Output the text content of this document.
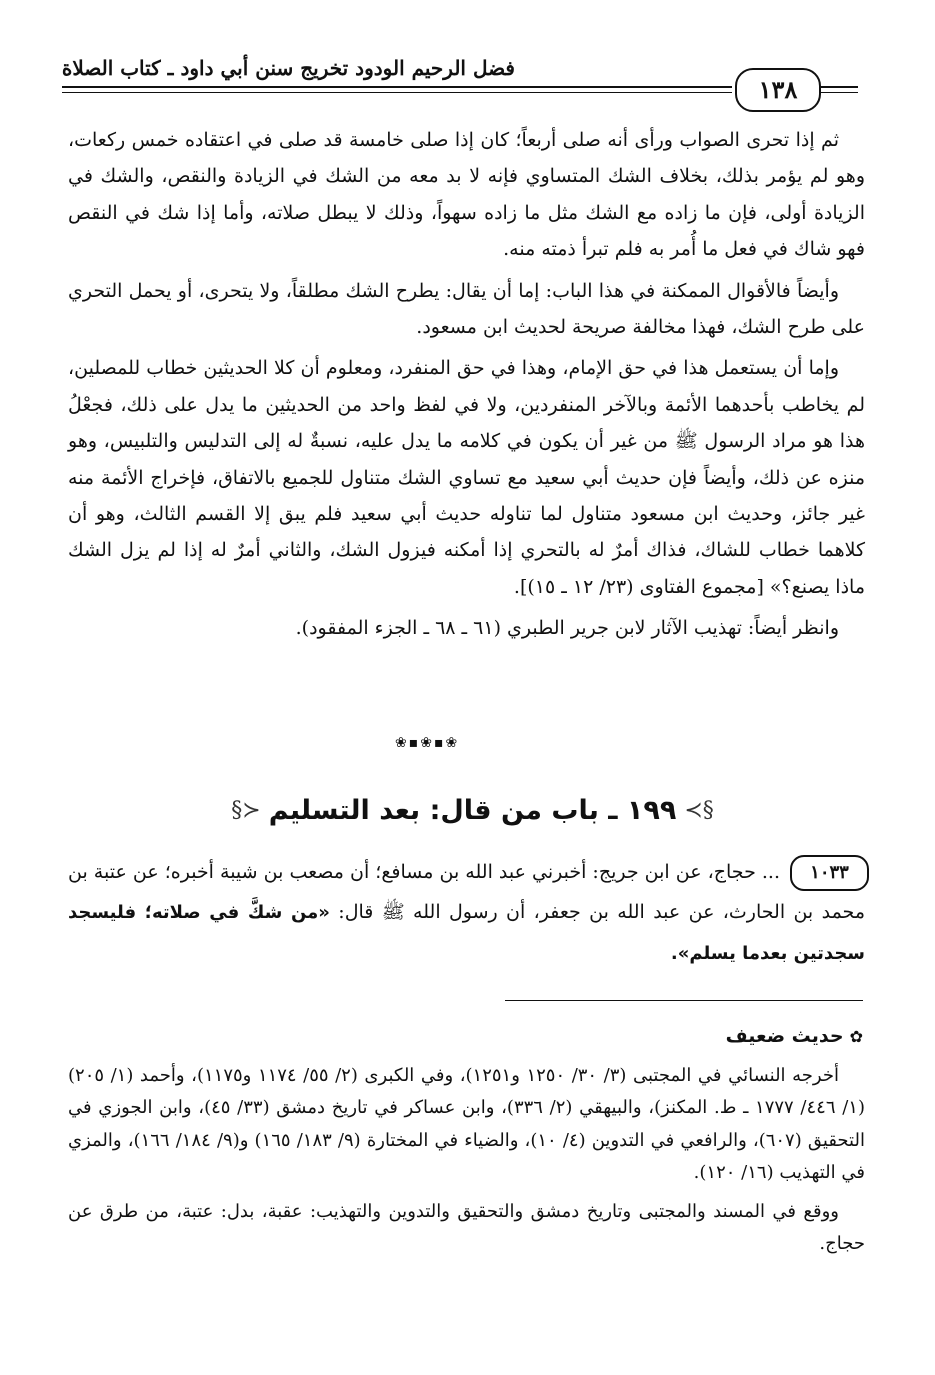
فضل الرحيم الودود تخريج سنن أبي داود ـ كتاب الصلاة
١٣٨

ثم إذا تحرى الصواب ورأى أنه صلى أربعاً؛ كان إذا صلى خامسة قد صلى في اعتقاده خمس ركعات، وهو لم يؤمر بذلك، بخلاف الشك المتساوي فإنه لا بد معه من الشك في الزيادة والنقص، والشك في الزيادة أولى، فإن ما زاده مع الشك مثل ما زاده سهواً، وذلك لا يبطل صلاته، وأما إذا شك في النقص فهو شاك في فعل ما أُمر به فلم تبرأ ذمته منه.

وأيضاً فالأقوال الممكنة في هذا الباب: إما أن يقال: يطرح الشك مطلقاً، ولا يتحرى، أو يحمل التحري على طرح الشك، فهذا مخالفة صريحة لحديث ابن مسعود.

وإما أن يستعمل هذا في حق الإمام، وهذا في حق المنفرد، ومعلوم أن كلا الحديثين خطاب للمصلين، لم يخاطب بأحدهما الأئمة وبالآخر المنفردين، ولا في لفظ واحد من الحديثين ما يدل على ذلك، فجعْلُ هذا هو مراد الرسول ﷺ من غير أن يكون في كلامه ما يدل عليه، نسبةٌ له إلى التدليس والتلبيس، وهو منزه عن ذلك، وأيضاً فإن حديث أبي سعيد مع تساوي الشك متناول للجميع بالاتفاق، فإخراج الأئمة منه غير جائز، وحديث ابن مسعود متناول لما تناوله حديث أبي سعيد فلم يبق إلا القسم الثالث، وهو أن كلاهما خطاب للشاك، فذاك أمرٌ له بالتحري إذا أمكنه فيزول الشك، والثاني أمرٌ له إذا لم يزل الشك ماذا يصنع؟» [مجموع الفتاوى (٢٣/ ١٢ ـ ١٥)].

وانظر أيضاً: تهذيب الآثار لابن جرير الطبري (٦١ ـ ٦٨ ـ الجزء المفقود).

❀▪❀▪❀
§≻
١٩٩ ـ باب من قال: بعد التسليم
≺§
... حجاج، عن ابن جريج: أخبرني عبد الله بن مسافع؛ أن مصعب بن شيبة أخبره؛ عن عتبة بن محمد بن الحارث، عن عبد الله بن جعفر، أن رسول الله ﷺ قال: «من شكَّ في صلاته؛ فليسجد سجدتين بعدما يسلم».
١٠٣٣
✿حديث ضعيف

أخرجه النسائي في المجتبى (٣/ ٣٠/ ١٢٥٠ و١٢٥١)، وفي الكبرى (٢/ ٥٥/ ١١٧٤ و١١٧٥)، وأحمد (١/ ٢٠٥) (١/ ٤٤٦/ ١٧٧٧ ـ ط. المكنز)، والبيهقي (٢/ ٣٣٦)، وابن عساكر في تاريخ دمشق (٣٣/ ٤٥)، وابن الجوزي في التحقيق (٦٠٧)، والرافعي في التدوين (٤/ ١٠)، والضياء في المختارة (٩/ ١٨٣/ ١٦٥) و(٩/ ١٨٤/ ١٦٦)، والمزي في التهذيب (١٦/ ١٢٠).

ووقع في المسند والمجتبى وتاريخ دمشق والتحقيق والتدوين والتهذيب: عقبة، بدل: عتبة، من طرق عن حجاج.
